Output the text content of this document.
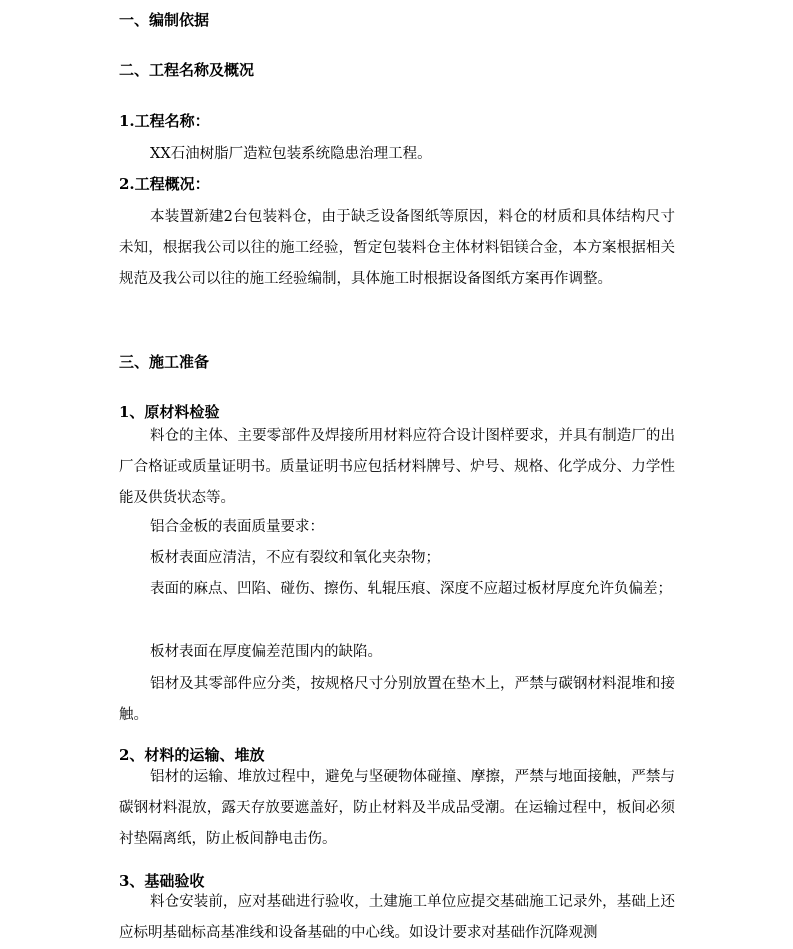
一、编制依据
二、工程名称及概况
1.工程名称：

XX石油树脂厂造粒包装系统隐患治理工程。

2.工程概况：

本装置新建2台包装料仓，由于缺乏设备图纸等原因，料仓的材质和具体结构尺寸未知，根据我公司以往的施工经验，暂定包装料仓主体材料铝镁合金，本方案根据相关规范及我公司以往的施工经验编制，具体施工时根据设备图纸方案再作调整。

三、施工准备
1、原材料检验

料仓的主体、主要零部件及焊接所用材料应符合设计图样要求，并具有制造厂的出厂合格证或质量证明书。质量证明书应包括材料牌号、炉号、规格、化学成分、力学性能及供货状态等。

铝合金板的表面质量要求：

板材表面应清洁，不应有裂纹和氧化夹杂物；

表面的麻点、凹陷、碰伤、擦伤、轧辊压痕、深度不应超过板材厚度允许负偏差；

板材表面在厚度偏差范围内的缺陷。

铝材及其零部件应分类，按规格尺寸分别放置在垫木上，严禁与碳钢材料混堆和接触。

2、材料的运输、堆放

铝材的运输、堆放过程中，避免与坚硬物体碰撞、摩擦，严禁与地面接触，严禁与碳钢材料混放，露天存放要遮盖好，防止材料及半成品受潮。在运输过程中，板间必须衬垫隔离纸，防止板间静电击伤。

3、基础验收

料仓安装前，应对基础进行验收，土建施工单位应提交基础施工记录外，基础上还应标明基础标高基准线和设备基础的中心线。如设计要求对基础作沉降观测
